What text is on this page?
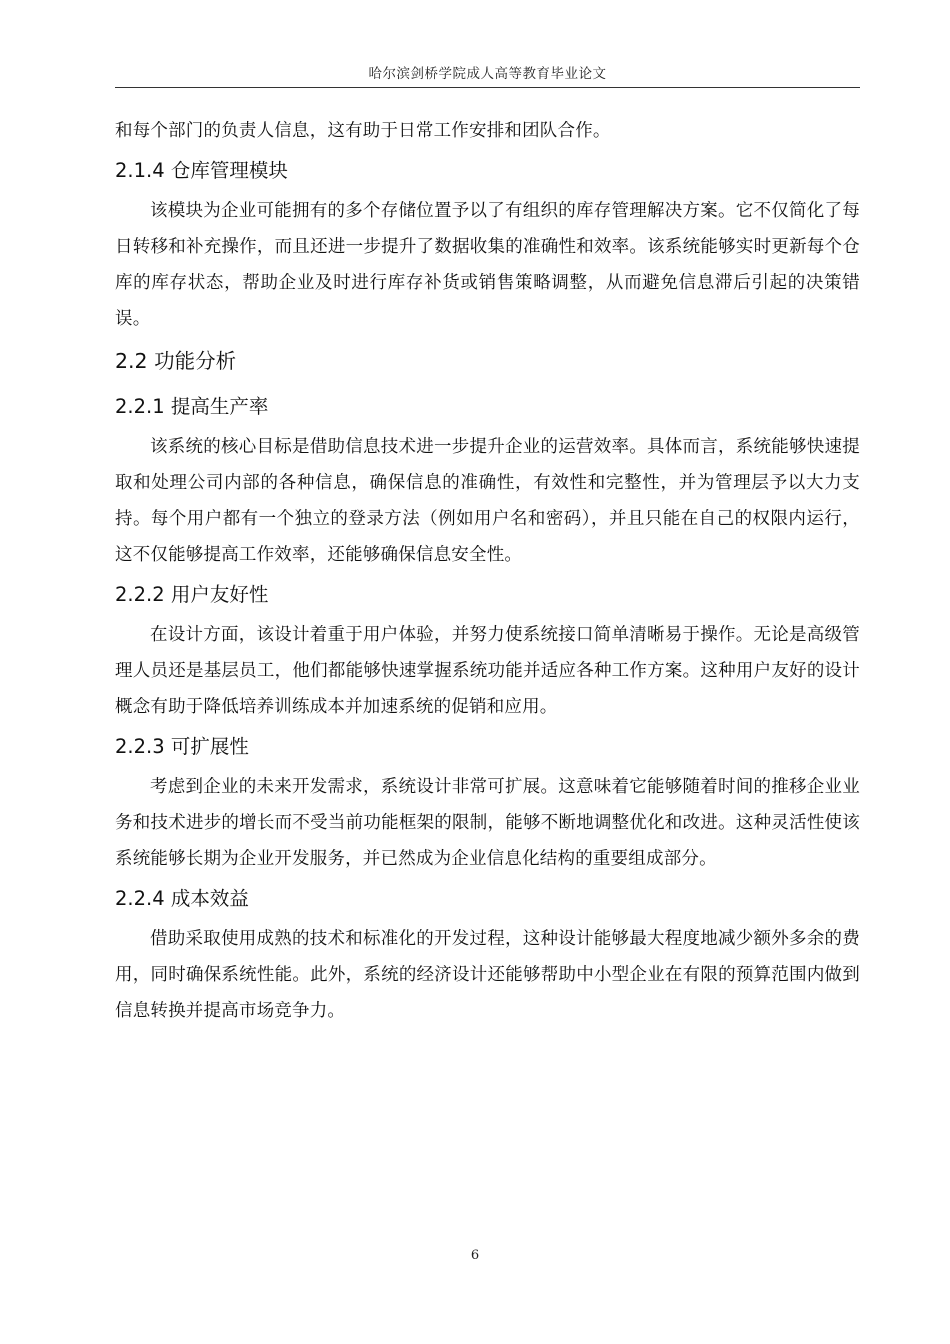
哈尔滨剑桥学院成人高等教育毕业论文

和每个部门的负责人信息，这有助于日常工作安排和团队合作。

2.1.4 仓库管理模块

该模块为企业可能拥有的多个存储位置予以了有组织的库存管理解决方案。它不仅简化了每日转移和补充操作，而且还进一步提升了数据收集的准确性和效率。该系统能够实时更新每个仓库的库存状态，帮助企业及时进行库存补货或销售策略调整，从而避免信息滞后引起的决策错误。

2.2 功能分析
2.2.1 提高生产率

该系统的核心目标是借助信息技术进一步提升企业的运营效率。具体而言，系统能够快速提取和处理公司内部的各种信息，确保信息的准确性，有效性和完整性，并为管理层予以大力支持。每个用户都有一个独立的登录方法（例如用户名和密码），并且只能在自己的权限内运行，这不仅能够提高工作效率，还能够确保信息安全性。

2.2.2 用户友好性

在设计方面，该设计着重于用户体验，并努力使系统接口简单清晰易于操作。无论是高级管理人员还是基层员工，他们都能够快速掌握系统功能并适应各种工作方案。这种用户友好的设计概念有助于降低培养训练成本并加速系统的促销和应用。

2.2.3 可扩展性

考虑到企业的未来开发需求，系统设计非常可扩展。这意味着它能够随着时间的推移企业业务和技术进步的增长而不受当前功能框架的限制，能够不断地调整优化和改进。这种灵活性使该系统能够长期为企业开发服务，并已然成为企业信息化结构的重要组成部分。

2.2.4 成本效益

借助采取使用成熟的技术和标准化的开发过程，这种设计能够最大程度地减少额外多余的费用，同时确保系统性能。此外，系统的经济设计还能够帮助中小型企业在有限的预算范围内做到信息转换并提高市场竞争力。

6
